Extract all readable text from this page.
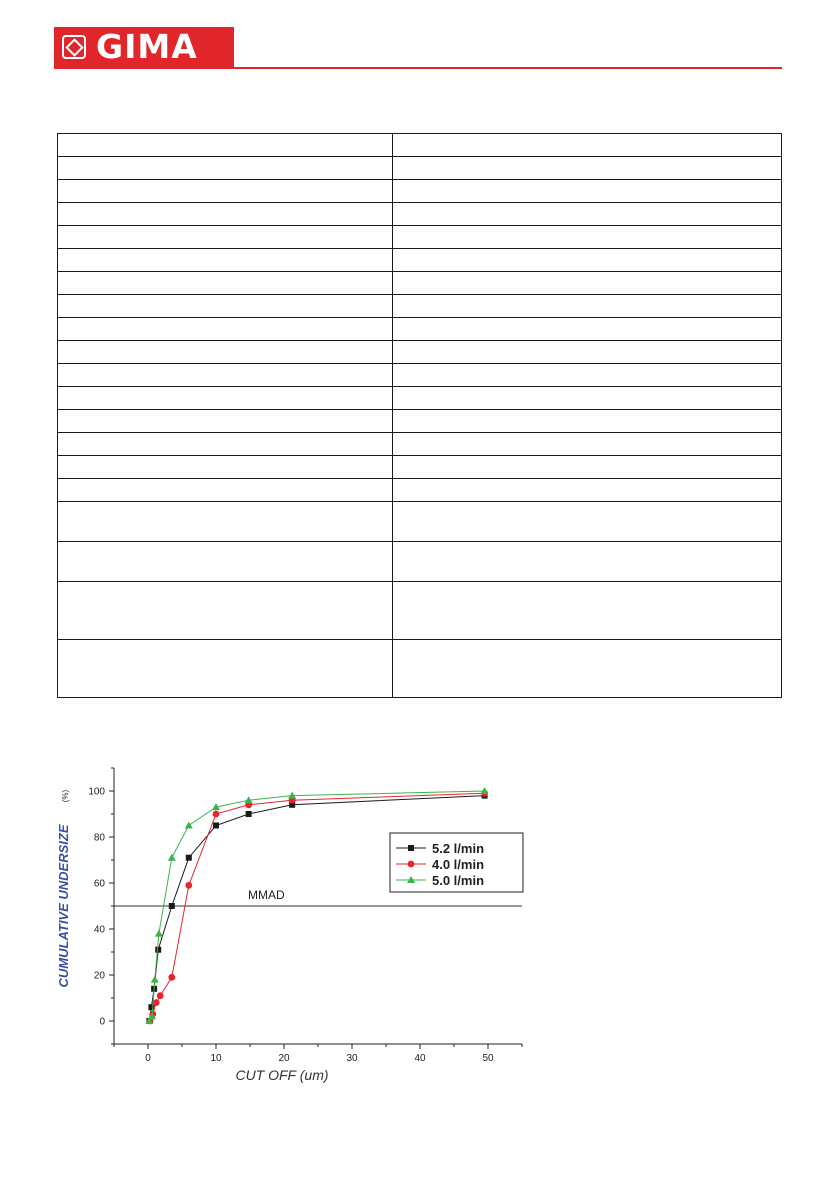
GIMA

0	10	20	30	40	50
0
20
40
60
80
100
CUT OFF (um)
CUMULATIVE UNDERSIZE
(%)
MMAD
5.2 l/min
4.0 l/min
5.0 l/min
